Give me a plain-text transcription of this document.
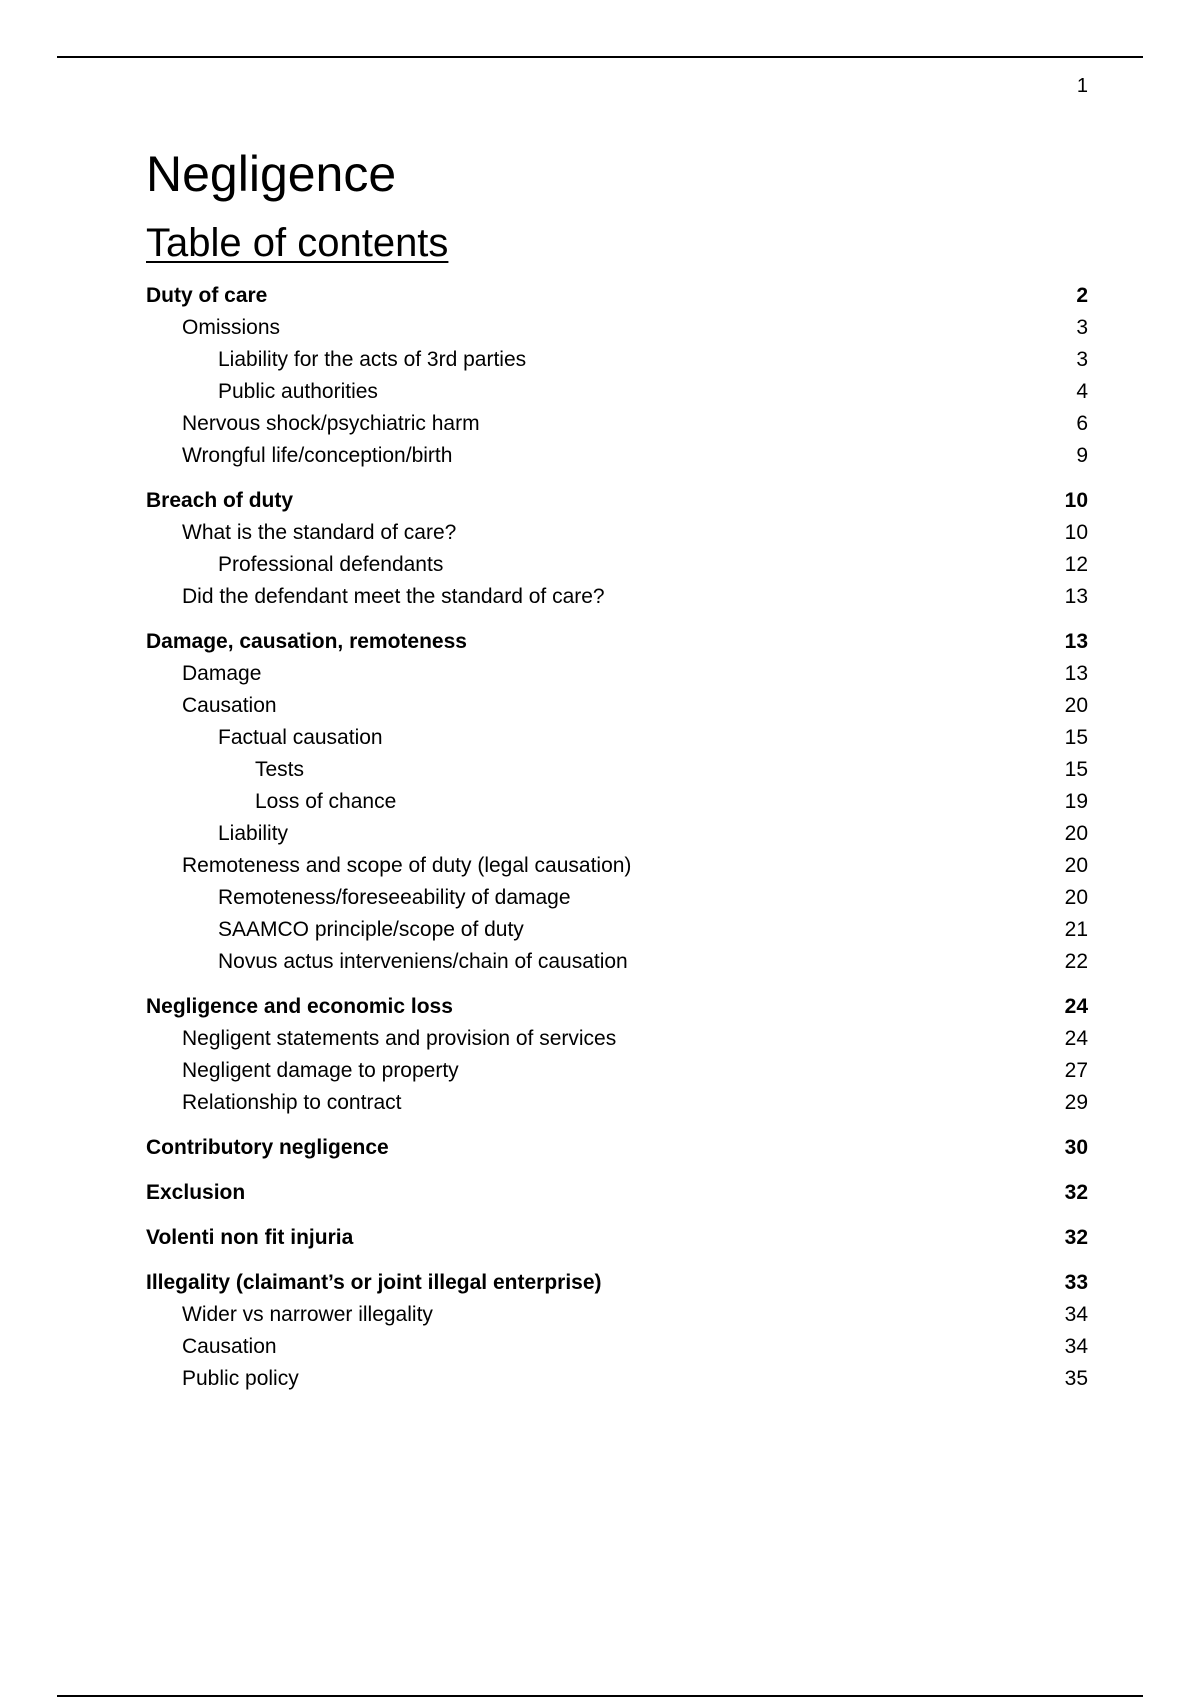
1
Negligence
Table of contents
Duty of care	2
Omissions	3
Liability for the acts of 3rd parties	3
Public authorities	4
Nervous shock/psychiatric harm	6
Wrongful life/conception/birth	9
Breach of duty	10
What is the standard of care?	10
Professional defendants	12
Did the defendant meet the standard of care?	13
Damage, causation, remoteness	13
Damage	13
Causation	20
Factual causation	15
Tests	15
Loss of chance	19
Liability	20
Remoteness and scope of duty (legal causation)	20
Remoteness/foreseeability of damage	20
SAAMCO principle/scope of duty	21
Novus actus interveniens/chain of causation	22
Negligence and economic loss	24
Negligent statements and provision of services	24
Negligent damage to property	27
Relationship to contract	29
Contributory negligence	30
Exclusion	32
Volenti non fit injuria	32
Illegality (claimant’s or joint illegal enterprise)	33
Wider vs narrower illegality	34
Causation	34
Public policy	35
